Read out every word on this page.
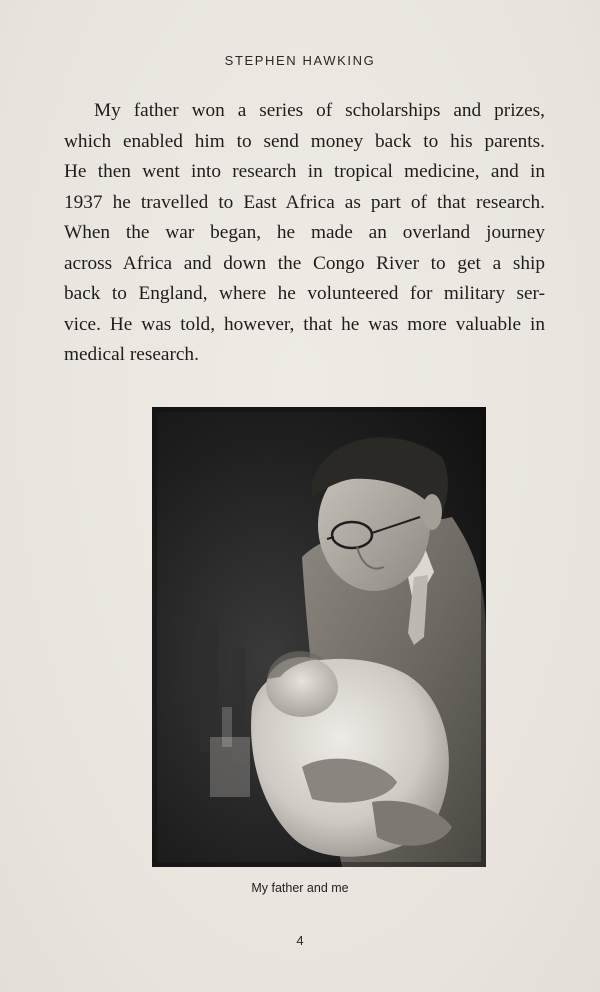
STEPHEN HAWKING
My father won a series of scholarships and prizes,
which enabled him to send money back to his parents.
He then went into research in tropical medicine, and in
1937 he travelled to East Africa as part of that research.
When the war began, he made an overland journey
across Africa and down the Congo River to get a ship
back to England, where he volunteered for military ser-
vice. He was told, however, that he was more valuable in
medical research.
My father and me
4
